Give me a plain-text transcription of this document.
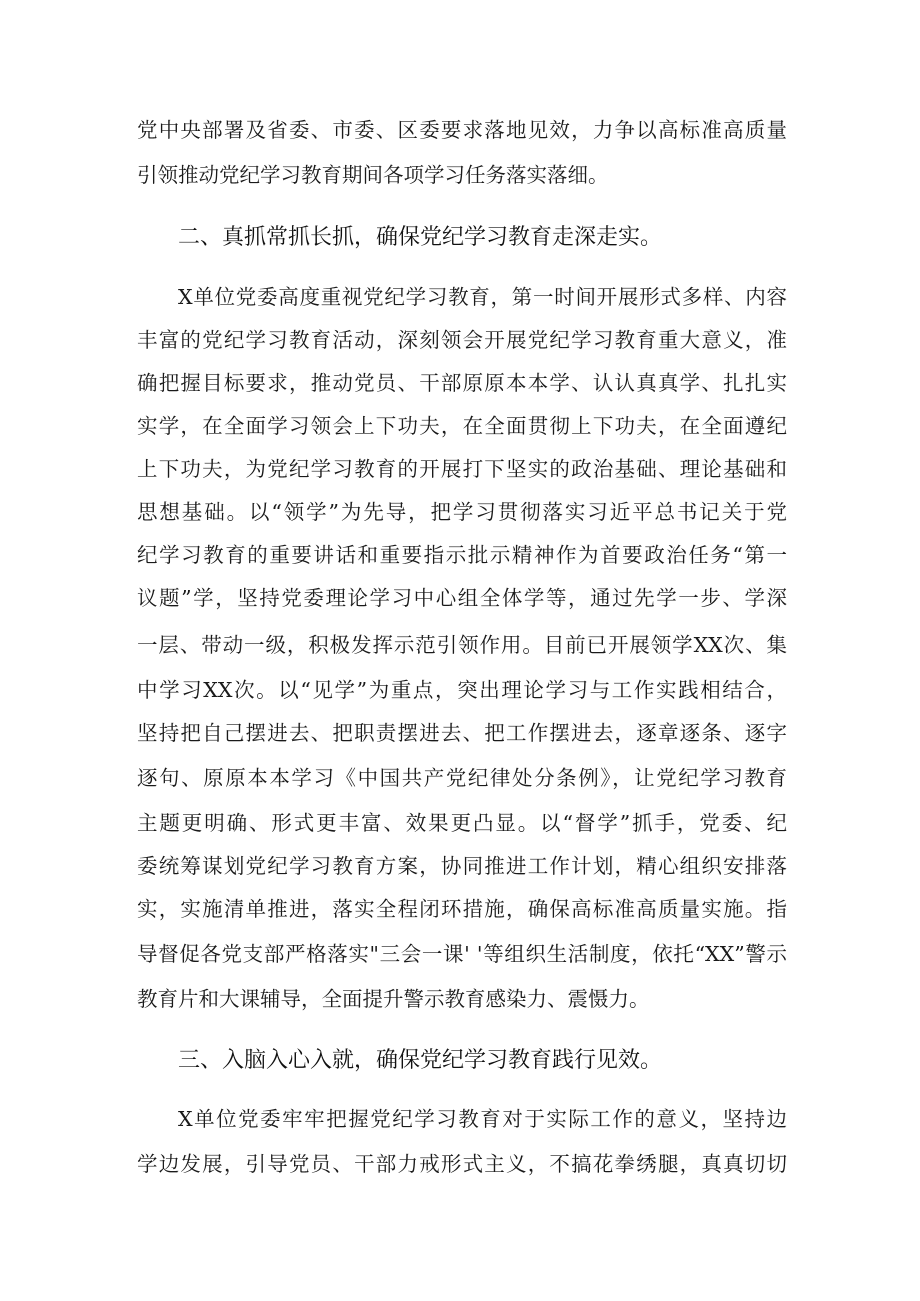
党中央部署及省委、市委、区委要求落地见效，力争以高标准高质量

引领推动党纪学习教育期间各项学习任务落实落细。

二、真抓常抓长抓，确保党纪学习教育走深走实。

X单位党委高度重视党纪学习教育，第一时间开展形式多样、内容

丰富的党纪学习教育活动，深刻领会开展党纪学习教育重大意义，准

确把握目标要求，推动党员、干部原原本本学、认认真真学、扎扎实

实学，在全面学习领会上下功夫，在全面贯彻上下功夫，在全面遵纪

上下功夫，为党纪学习教育的开展打下坚实的政治基础、理论基础和

思想基础。以“领学”为先导，把学习贯彻落实习近平总书记关于党

纪学习教育的重要讲话和重要指示批示精神作为首要政治任务“第一

议题”学，坚持党委理论学习中心组全体学等，通过先学一步、学深

一层、带动一级，积极发挥示范引领作用。目前已开展领学XX次、集

中学习XX次。以“见学”为重点，突出理论学习与工作实践相结合，

坚持把自己摆进去、把职责摆进去、把工作摆进去，逐章逐条、逐字

逐句、原原本本学习《中国共产党纪律处分条例》，让党纪学习教育

主题更明确、形式更丰富、效果更凸显。以“督学”抓手，党委、纪

委统筹谋划党纪学习教育方案，协同推进工作计划，精心组织安排落

实，实施清单推进，落实全程闭环措施，确保高标准高质量实施。指

导督促各党支部严格落实"三会一课' '等组织生活制度，依托“XX”警示

教育片和大课辅导，全面提升警示教育感染力、震慑力。

三、入脑入心入就，确保党纪学习教育践行见效。

X单位党委牢牢把握党纪学习教育对于实际工作的意义，坚持边

学边发展，引导党员、干部力戒形式主义，不搞花拳绣腿，真真切切
